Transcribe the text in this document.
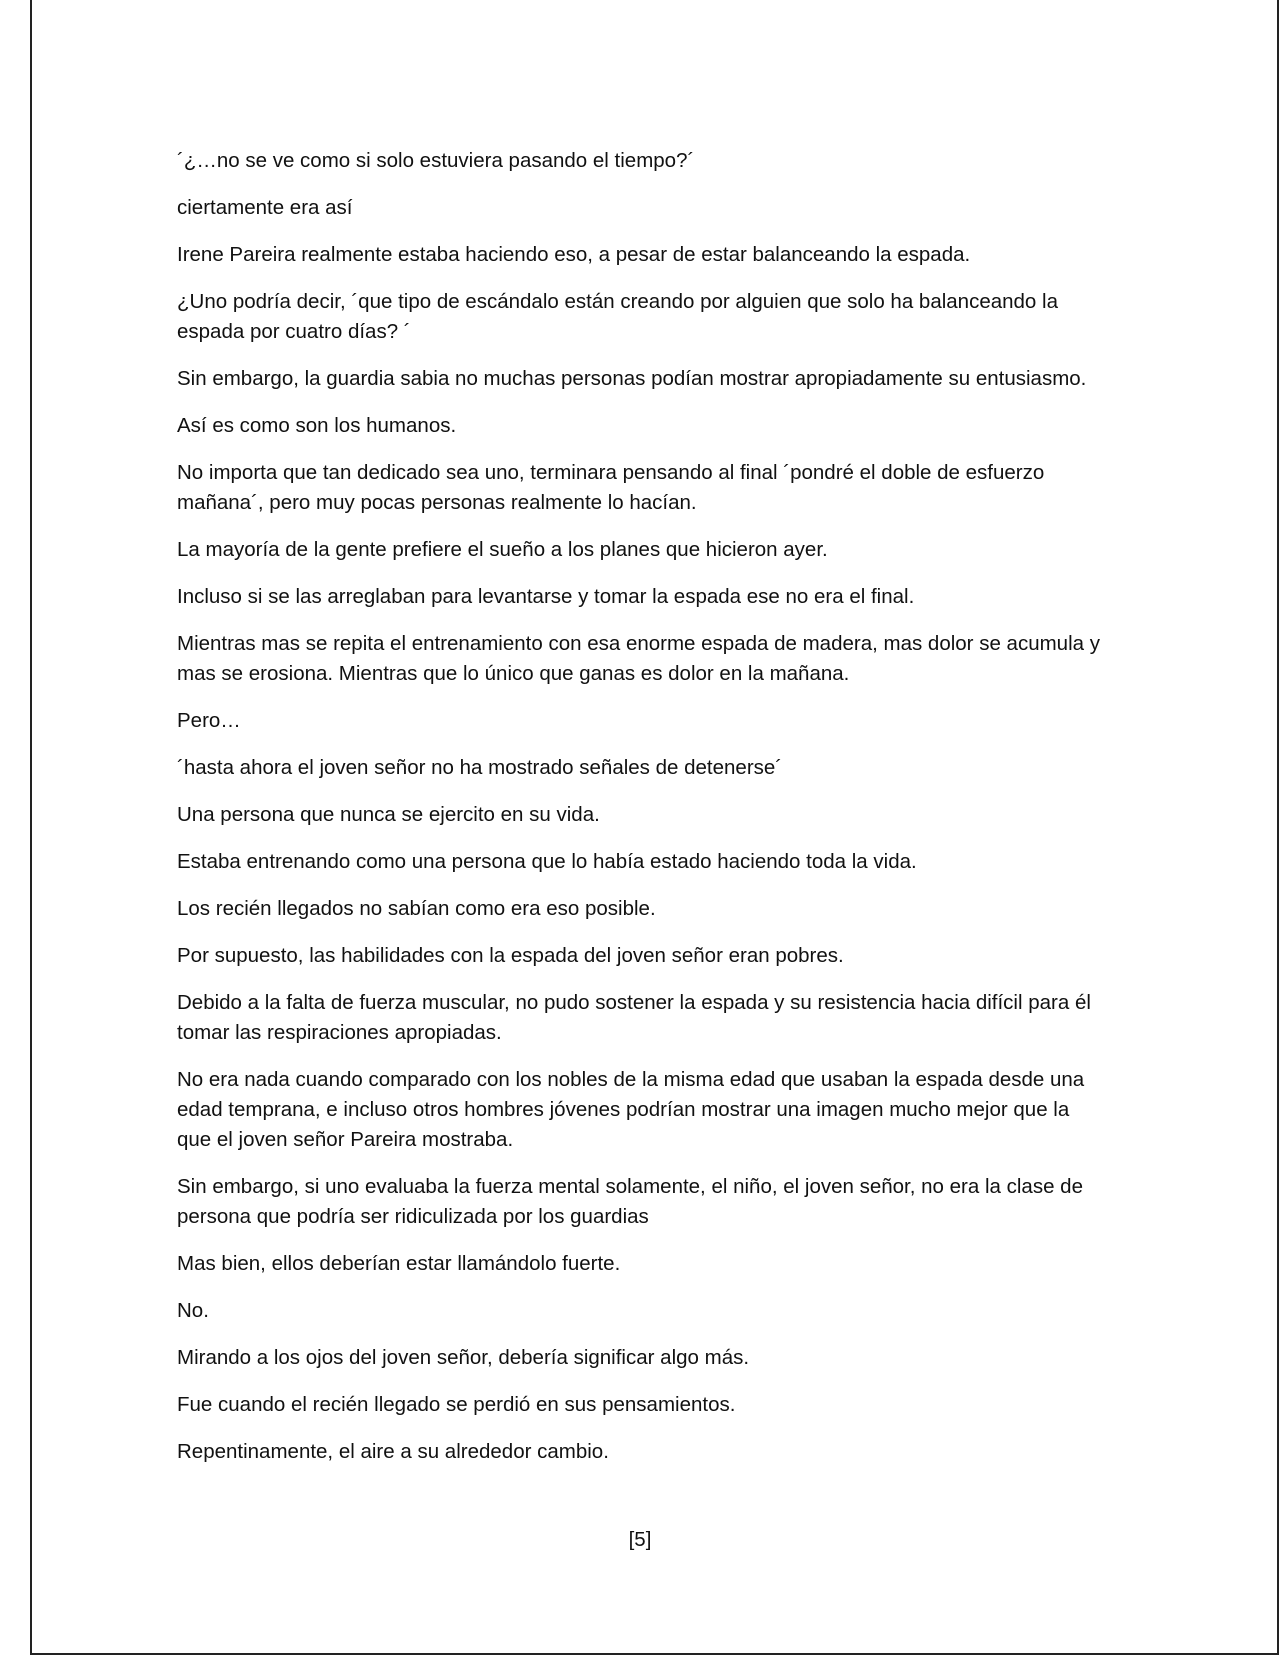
´¿…no se ve como si solo estuviera pasando el tiempo?´

ciertamente era así

Irene Pareira realmente estaba haciendo eso, a pesar de estar balanceando la espada.

¿Uno podría decir, ´que tipo de escándalo están creando por alguien que solo ha balanceando la espada por cuatro días? ´

Sin embargo, la guardia sabia no muchas personas podían mostrar apropiadamente su entusiasmo.

Así es como son los humanos.

No importa que tan dedicado sea uno, terminara pensando al final ´pondré el doble de esfuerzo mañana´, pero muy pocas personas realmente lo hacían.

La mayoría de la gente prefiere el sueño a los planes que hicieron ayer.

Incluso si se las arreglaban para levantarse y tomar la espada ese no era el final.

Mientras mas se repita el entrenamiento con esa enorme espada de madera, mas dolor se acumula y mas se erosiona. Mientras que lo único que ganas es dolor en la mañana.

Pero…

´hasta ahora el joven señor no ha mostrado señales de detenerse´

Una persona que nunca se ejercito en su vida.

Estaba entrenando como una persona que lo había estado haciendo toda la vida.

Los recién llegados no sabían como era eso posible.

Por supuesto, las habilidades con la espada del joven señor eran pobres.

Debido a la falta de fuerza muscular, no pudo sostener la espada y su resistencia hacia difícil para él tomar las respiraciones apropiadas.

No era nada cuando comparado con los nobles de la misma edad que usaban la espada desde una edad temprana, e incluso otros hombres jóvenes podrían mostrar una imagen mucho mejor que la que el joven señor Pareira mostraba.

Sin embargo, si uno evaluaba la fuerza mental solamente, el niño, el joven señor, no era la clase de persona que podría ser ridiculizada por los guardias

Mas bien, ellos deberían estar llamándolo fuerte.

No.

Mirando a los ojos del joven señor, debería significar algo más.

Fue cuando el recién llegado se perdió en sus pensamientos.

Repentinamente, el aire a su alrededor cambio.

[5]
